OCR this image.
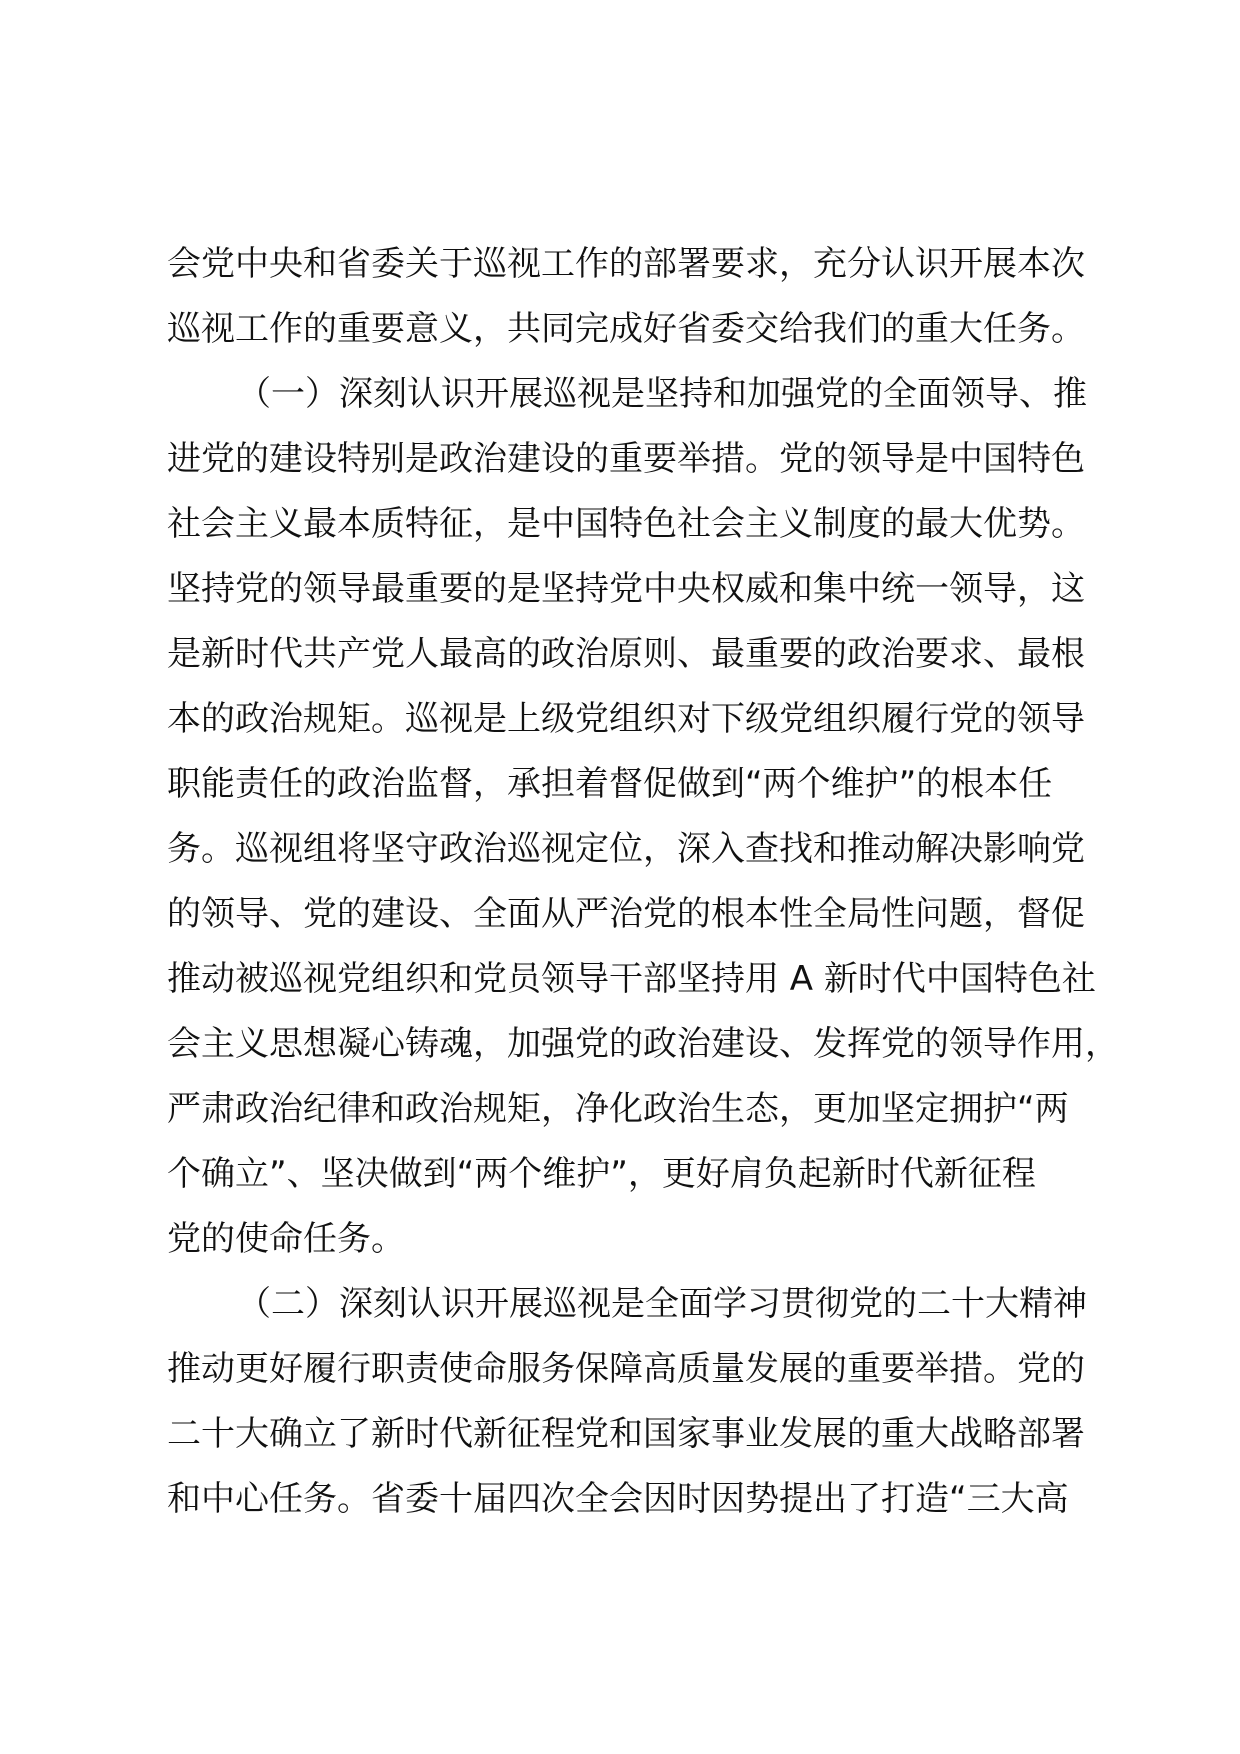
会党中央和省委关于巡视工作的部署要求，充分认识开展本次
巡视工作的重要意义，共同完成好省委交给我们的重大任务。
（一）深刻认识开展巡视是坚持和加强党的全面领导、推
进党的建设特别是政治建设的重要举措。党的领导是中国特色
社会主义最本质特征，是中国特色社会主义制度的最大优势。
坚持党的领导最重要的是坚持党中央权威和集中统一领导，这
是新时代共产党人最高的政治原则、最重要的政治要求、最根
本的政治规矩。巡视是上级党组织对下级党组织履行党的领导
职能责任的政治监督，承担着督促做到“两个维护”的根本任
务。巡视组将坚守政治巡视定位，深入查找和推动解决影响党
的领导、党的建设、全面从严治党的根本性全局性问题，督促
推动被巡视党组织和党员领导干部坚持用 A 新时代中国特色社
会主义思想凝心铸魂，加强党的政治建设、发挥党的领导作用，
严肃政治纪律和政治规矩，净化政治生态，更加坚定拥护“两
个确立”、坚决做到“两个维护”，更好肩负起新时代新征程
党的使命任务。
（二）深刻认识开展巡视是全面学习贯彻党的二十大精神
推动更好履行职责使命服务保障高质量发展的重要举措。党的
二十大确立了新时代新征程党和国家事业发展的重大战略部署
和中心任务。省委十届四次全会因时因势提出了打造“三大高
